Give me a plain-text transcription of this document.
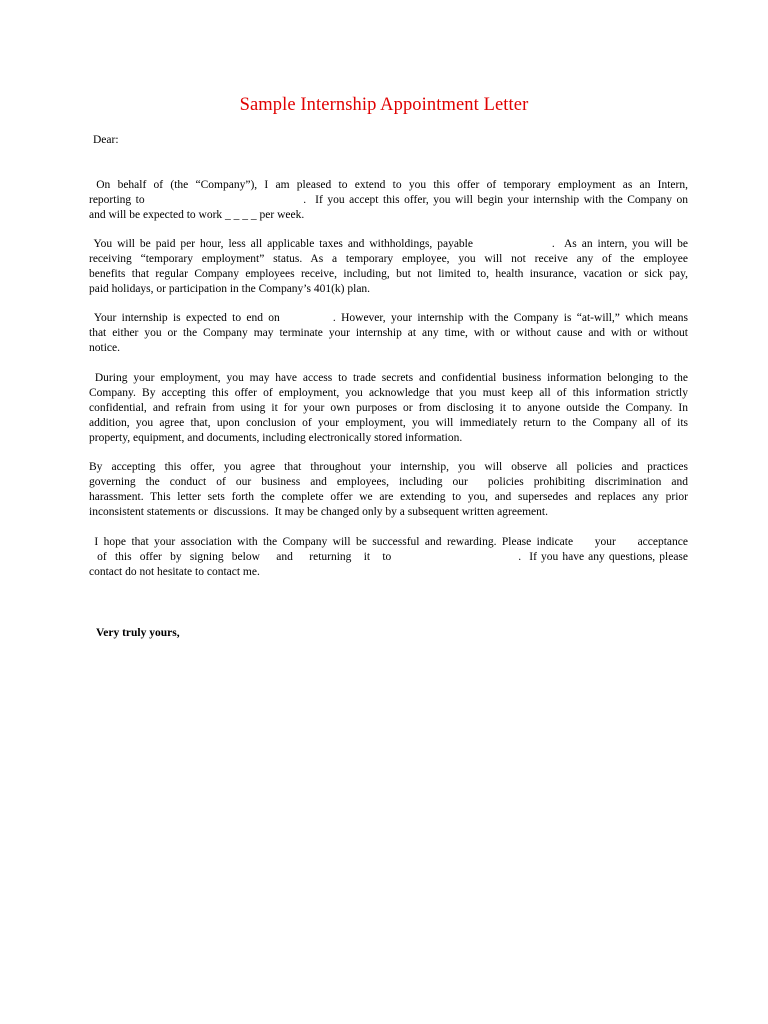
Sample Internship Appointment Letter
Dear:
On behalf of (the “Company”), I am pleased to extend to you this offer of temporary employment as an Intern,
reporting to                                   .  If you accept this offer, you will begin your internship with the Company on
and will be expected to work _ _ _ _ per week.
You will be paid per hour, less all applicable taxes and withholdings, payable                .  As an intern, you will be
receiving “temporary employment” status. As a temporary employee, you will not receive any of the employee
benefits that regular Company employees receive, including, but not limited to, health insurance, vacation or sick pay,
paid holidays, or participation in the Company’s 401(k) plan.
Your internship is expected to end on          . However, your internship with the Company is “at-will,” which means
that either you or the Company may terminate your internship at any time, with or without cause and with or without
notice.
During your employment, you may have access to trade secrets and confidential business information belonging to the
Company. By accepting this offer of employment, you acknowledge that you must keep all of this information strictly
confidential, and refrain from using it for your own purposes or from disclosing it to anyone outside the Company. In
addition, you agree that, upon conclusion of your employment, you will immediately return to the Company all of its
property, equipment, and documents, including electronically stored information.
By accepting this offer, you agree that throughout your internship, you will observe all policies and practices
governing the conduct of our business and employees, including our  policies prohibiting discrimination and
harassment. This letter sets forth the complete offer we are extending to you, and supersedes and replaces any prior
inconsistent statements or  discussions.  It may be changed only by a subsequent written agreement.
I hope that your association with the Company will be successful and rewarding. Please indicate    your    acceptance
of  this  offer  by  signing  below    and    returning   it   to                               .  If you have any questions, please
contact do not hesitate to contact me.
Very truly yours,
